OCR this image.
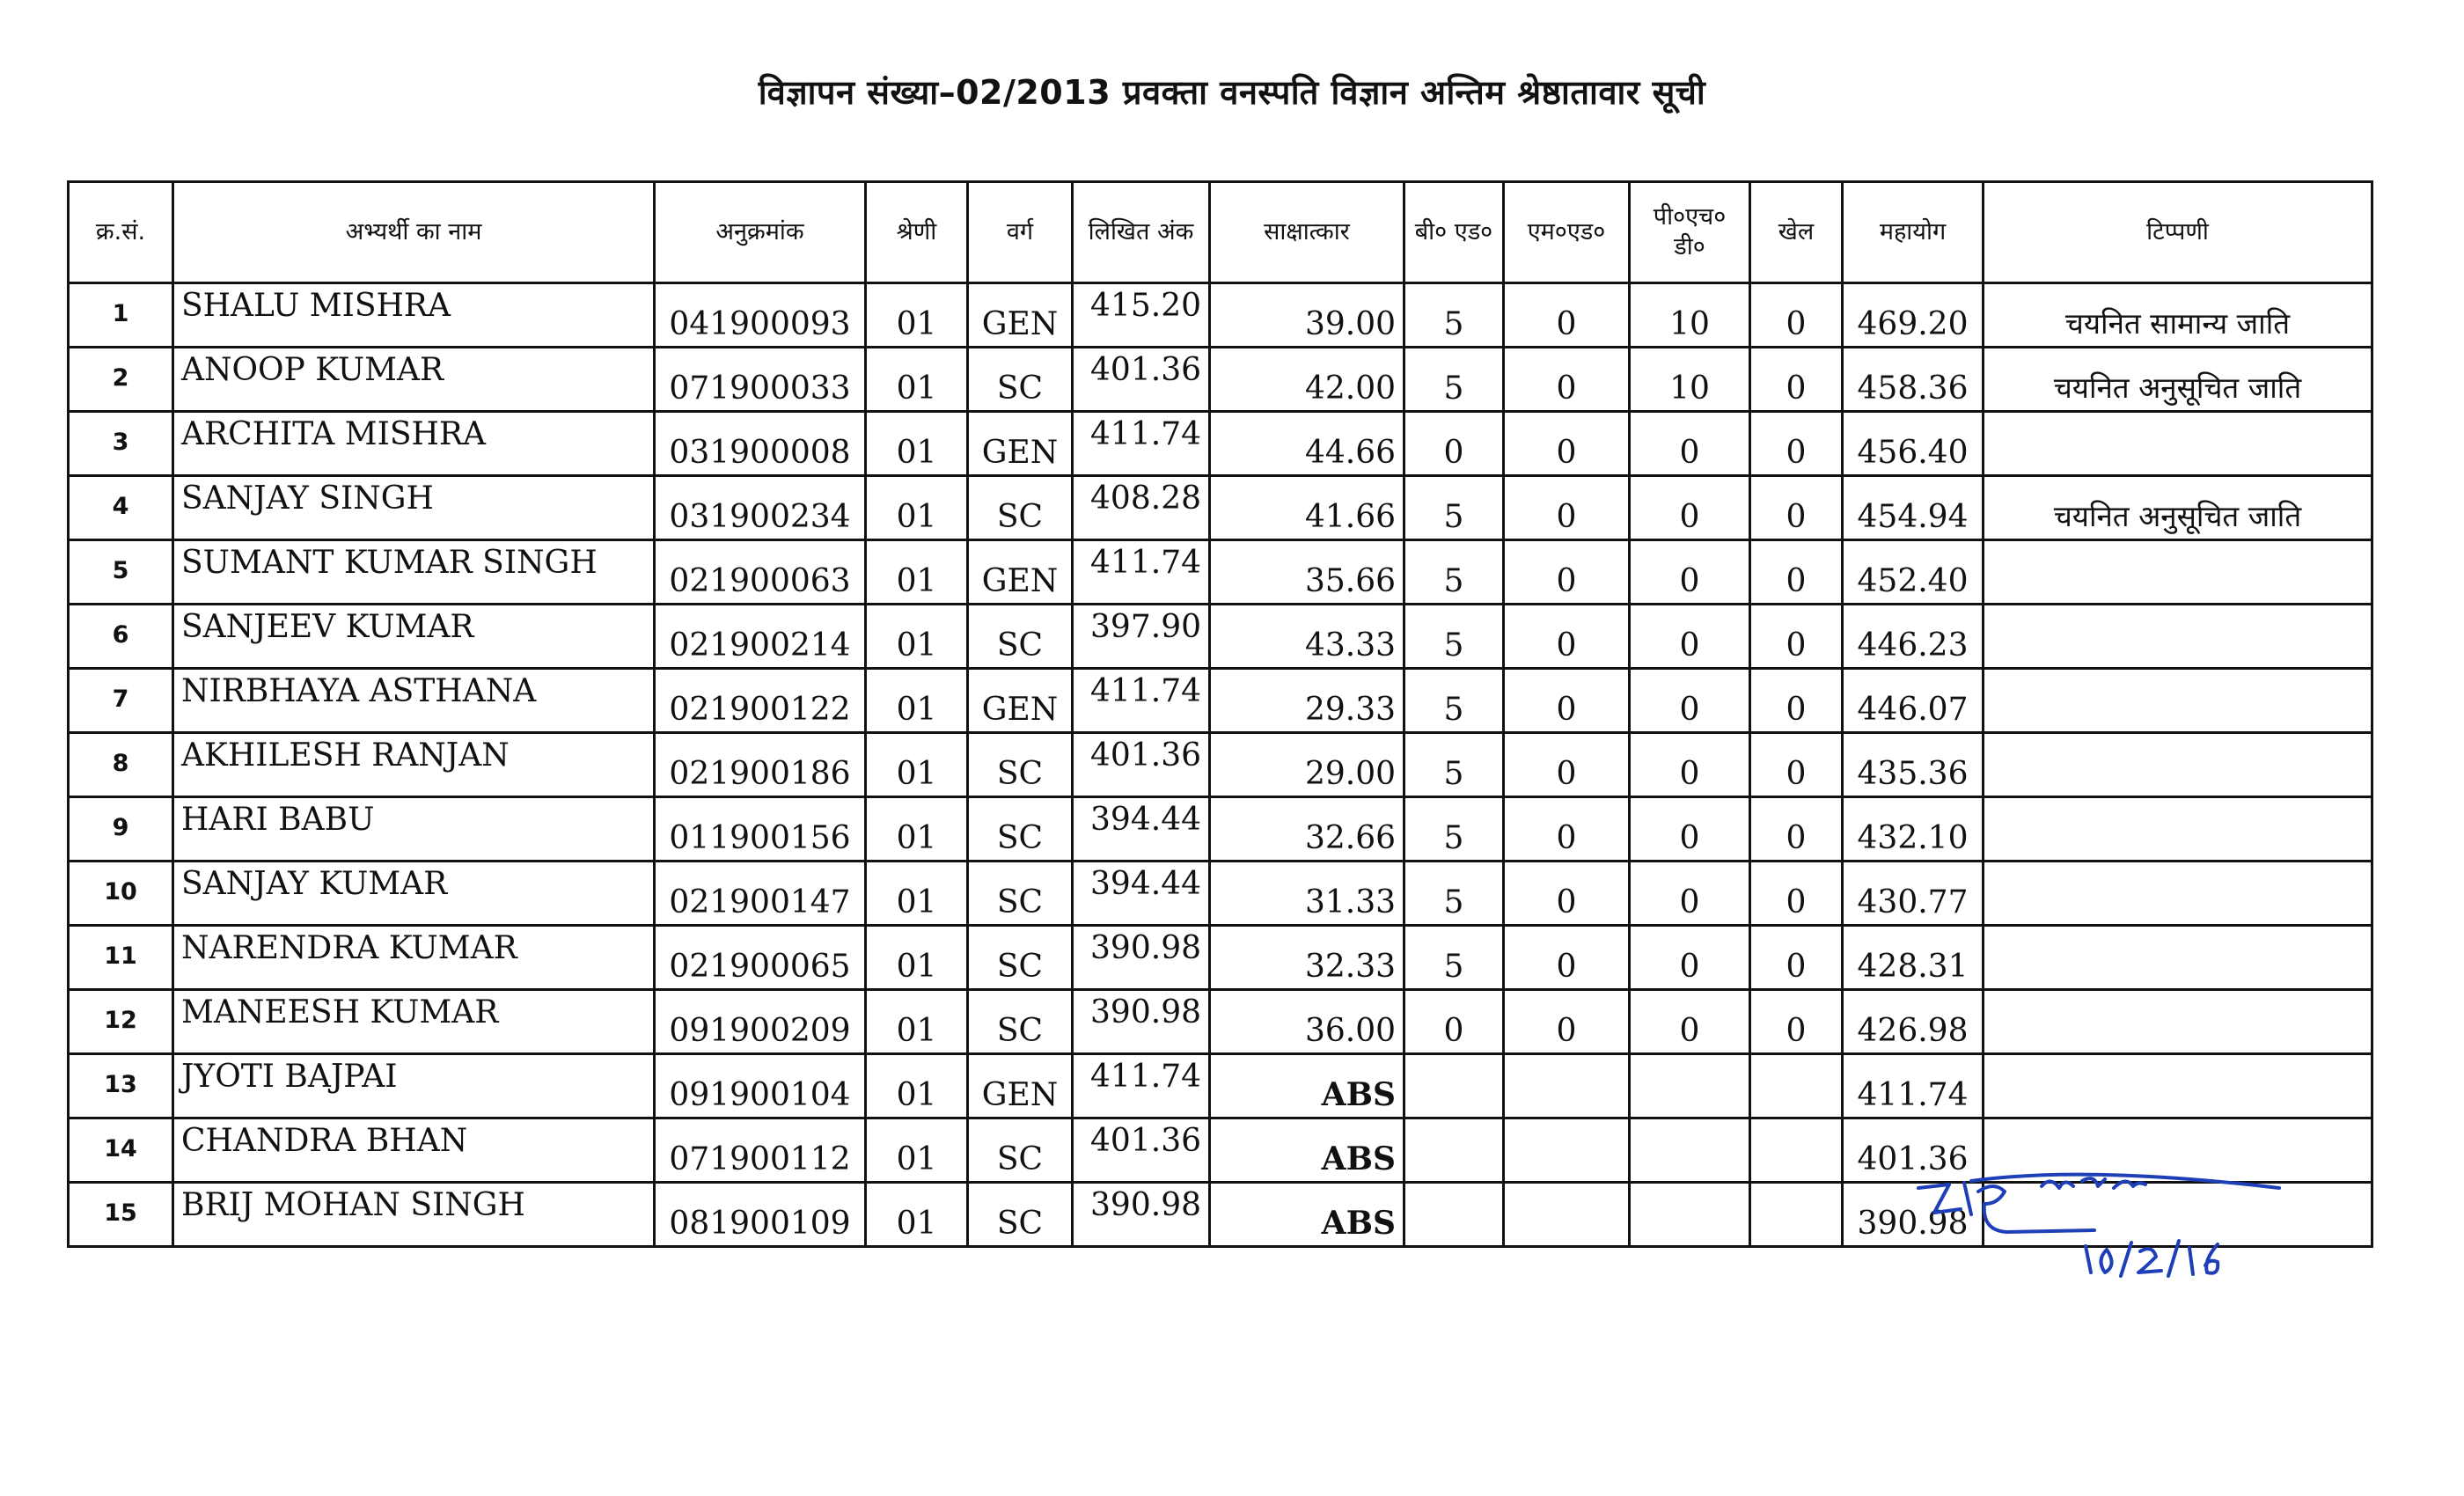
विज्ञापन संख्या–02/2013 प्रवक्ता वनस्पति विज्ञान अन्तिम श्रेष्ठातावार सूची
क्र.सं.	अभ्यर्थी का नाम	अनुक्रमांक	श्रेणी	वर्ग	लिखित अंक	साक्षात्कार	बी० एड०	एम०एड०	पी०एच० डी०	खेल	महायोग	टिप्पणी
1	SHALU MISHRA	041900093	01	GEN	415.20	39.00	5	0	10	0	469.20	चयनित सामान्य जाति
2	ANOOP KUMAR	071900033	01	SC	401.36	42.00	5	0	10	0	458.36	चयनित अनुसूचित जाति
3	ARCHITA MISHRA	031900008	01	GEN	411.74	44.66	0	0	0	0	456.40	
4	SANJAY SINGH	031900234	01	SC	408.28	41.66	5	0	0	0	454.94	चयनित अनुसूचित जाति
5	SUMANT KUMAR SINGH	021900063	01	GEN	411.74	35.66	5	0	0	0	452.40	
6	SANJEEV KUMAR	021900214	01	SC	397.90	43.33	5	0	0	0	446.23	
7	NIRBHAYA ASTHANA	021900122	01	GEN	411.74	29.33	5	0	0	0	446.07	
8	AKHILESH RANJAN	021900186	01	SC	401.36	29.00	5	0	0	0	435.36	
9	HARI BABU	011900156	01	SC	394.44	32.66	5	0	0	0	432.10	
10	SANJAY KUMAR	021900147	01	SC	394.44	31.33	5	0	0	0	430.77	
11	NARENDRA KUMAR	021900065	01	SC	390.98	32.33	5	0	0	0	428.31	
12	MANEESH KUMAR	091900209	01	SC	390.98	36.00	0	0	0	0	426.98	
13	JYOTI BAJPAI	091900104	01	GEN	411.74	ABS					411.74	
14	CHANDRA BHAN	071900112	01	SC	401.36	ABS					401.36	
15	BRIJ MOHAN SINGH	081900109	01	SC	390.98	ABS					390.98	
